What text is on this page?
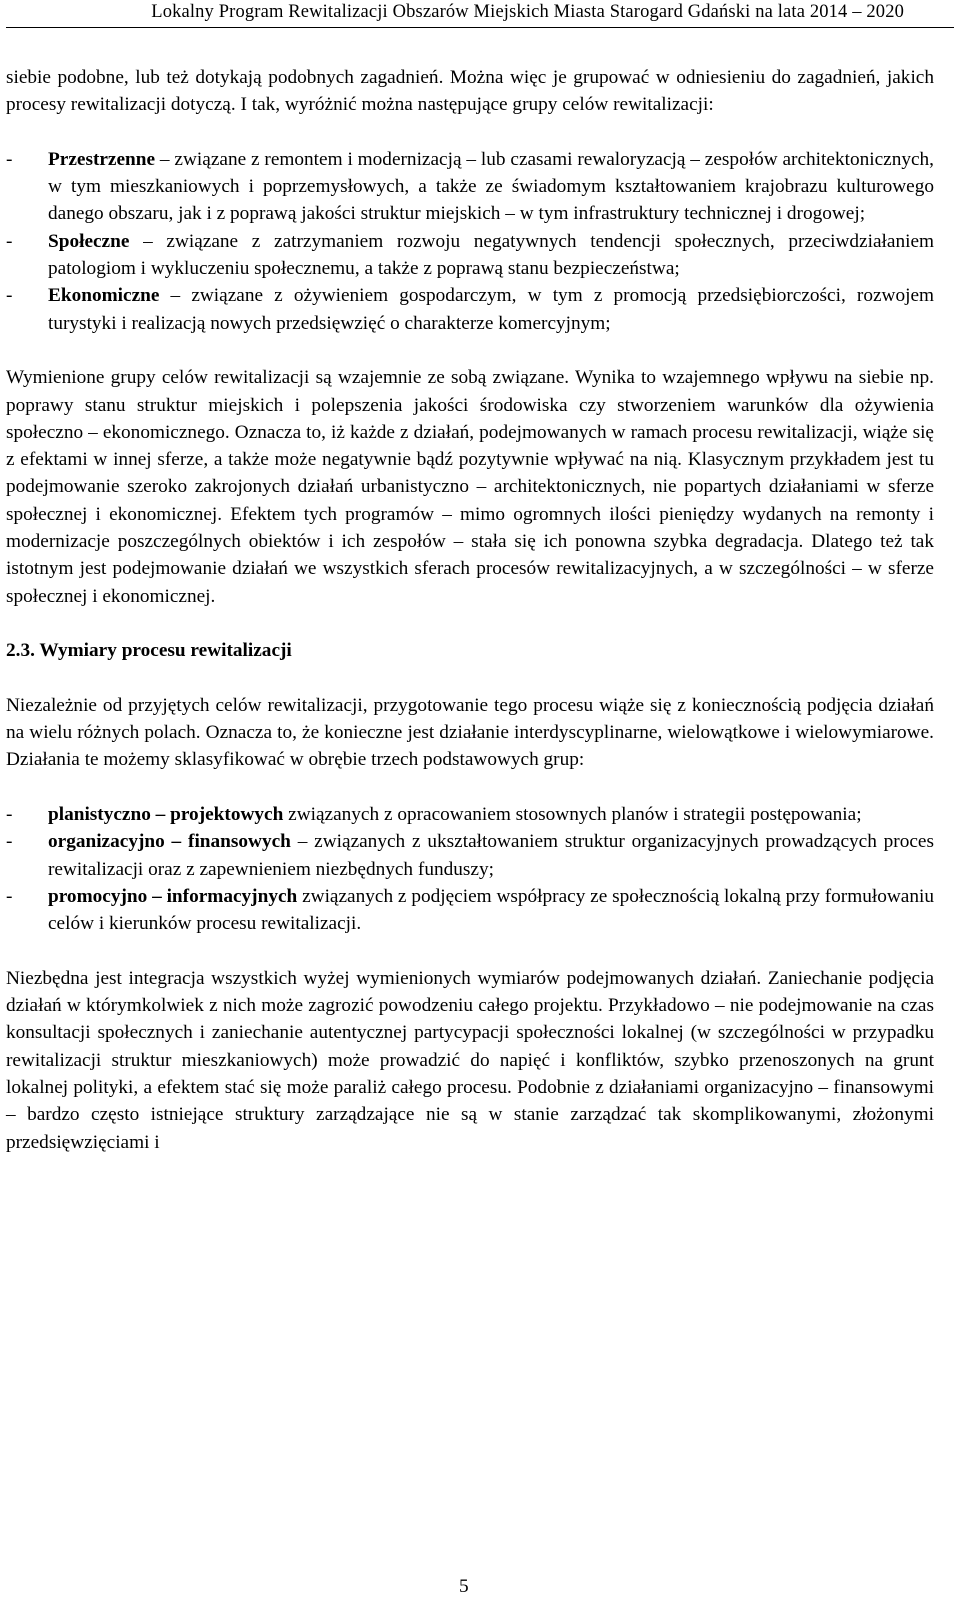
Lokalny Program Rewitalizacji Obszarów Miejskich Miasta Starogard Gdański na lata 2014 – 2020

siebie podobne, lub też dotykają podobnych zagadnień. Można więc je grupować w odniesieniu do zagadnień, jakich procesy rewitalizacji dotyczą. I tak, wyróżnić można następujące grupy celów rewitalizacji:

- Przestrzenne – związane z remontem i modernizacją – lub czasami rewaloryzacją – zespołów architektonicznych, w tym mieszkaniowych i poprzemysłowych, a także ze świadomym kształtowaniem krajobrazu kulturowego danego obszaru, jak i z poprawą jakości struktur miejskich – w tym infrastruktury technicznej i drogowej;
- Społeczne – związane z zatrzymaniem rozwoju negatywnych tendencji społecznych, przeciwdziałaniem patologiom i wykluczeniu społecznemu, a także z poprawą stanu bezpieczeństwa;
- Ekonomiczne – związane z ożywieniem gospodarczym, w tym z promocją przedsiębiorczości, rozwojem turystyki i realizacją nowych przedsięwzięć o charakterze komercyjnym;

Wymienione grupy celów rewitalizacji są wzajemnie ze sobą związane. Wynika to wzajemnego wpływu na siebie np. poprawy stanu struktur miejskich i polepszenia jakości środowiska czy stworzeniem warunków dla ożywienia społeczno – ekonomicznego. Oznacza to, iż każde z działań, podejmowanych w ramach procesu rewitalizacji, wiąże się z efektami w innej sferze, a także może negatywnie bądź pozytywnie wpływać na nią. Klasycznym przykładem jest tu podejmowanie szeroko zakrojonych działań urbanistyczno – architektonicznych, nie popartych działaniami w sferze społecznej i ekonomicznej. Efektem tych programów – mimo ogromnych ilości pieniędzy wydanych na remonty i modernizacje poszczególnych obiektów i ich zespołów – stała się ich ponowna szybka degradacja. Dlatego też tak istotnym jest podejmowanie działań we wszystkich sferach procesów rewitalizacyjnych, a w szczególności – w sferze społecznej i ekonomicznej.

2.3. Wymiary procesu rewitalizacji

Niezależnie od przyjętych celów rewitalizacji, przygotowanie tego procesu wiąże się z koniecznością podjęcia działań na wielu różnych polach. Oznacza to, że konieczne jest działanie interdyscyplinarne, wielowątkowe i wielowymiarowe. Działania te możemy sklasyfikować w obrębie trzech podstawowych grup:

- planistyczno – projektowych związanych z opracowaniem stosownych planów i strategii postępowania;
- organizacyjno – finansowych – związanych z ukształtowaniem struktur organizacyjnych prowadzących proces rewitalizacji oraz z zapewnieniem niezbędnych funduszy;
- promocyjno – informacyjnych związanych z podjęciem współpracy ze społecznością lokalną przy formułowaniu celów i kierunków procesu rewitalizacji.

Niezbędna jest integracja wszystkich wyżej wymienionych wymiarów podejmowanych działań. Zaniechanie podjęcia działań w którymkolwiek z nich może zagrozić powodzeniu całego projektu. Przykładowo – nie podejmowanie na czas konsultacji społecznych i zaniechanie autentycznej partycypacji społeczności lokalnej (w szczególności w przypadku rewitalizacji struktur mieszkaniowych) może prowadzić do napięć i konfliktów, szybko przenoszonych na grunt lokalnej polityki, a efektem stać się może paraliż całego procesu. Podobnie z działaniami organizacyjno – finansowymi – bardzo często istniejące struktury zarządzające nie są w stanie zarządzać tak skomplikowanymi, złożonymi przedsięwzięciami i

5
